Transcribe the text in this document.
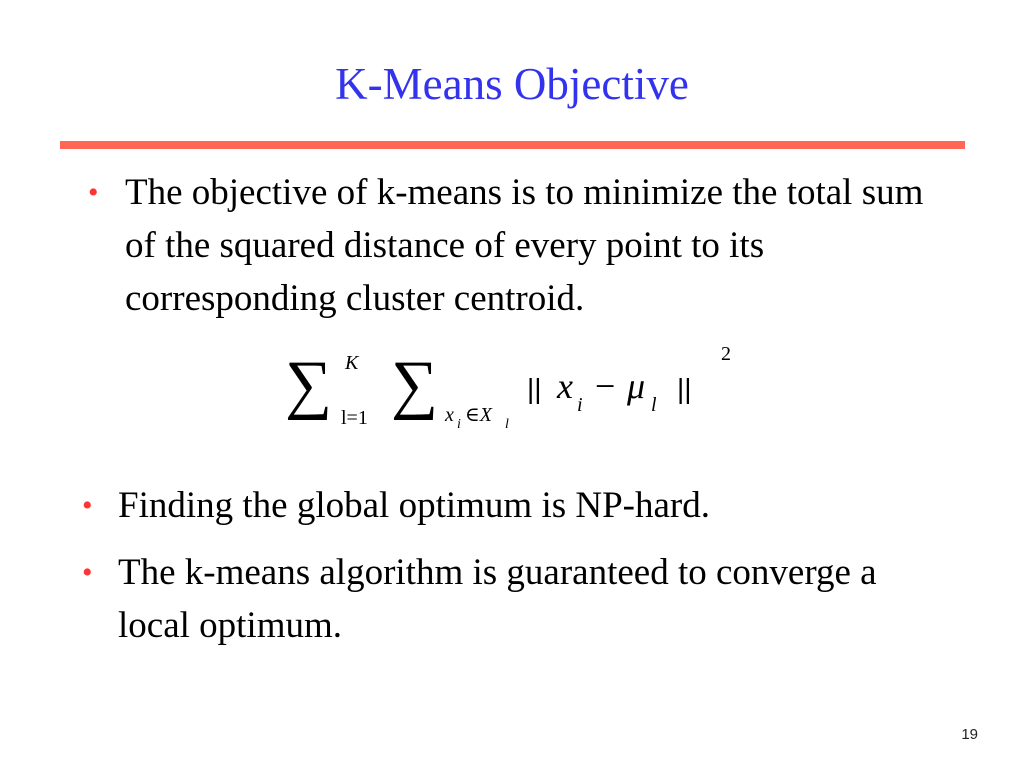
K-Means Objective
• The objective of k-means is to minimize the total sum of the squared distance of every point to its corresponding cluster centroid.
∑ K
l=1 ∑ x i ∈X l
|| x i − μ l
||
2
• Finding the global optimum is NP-hard.
• The k-means algorithm is guaranteed to converge a local optimum.
19
